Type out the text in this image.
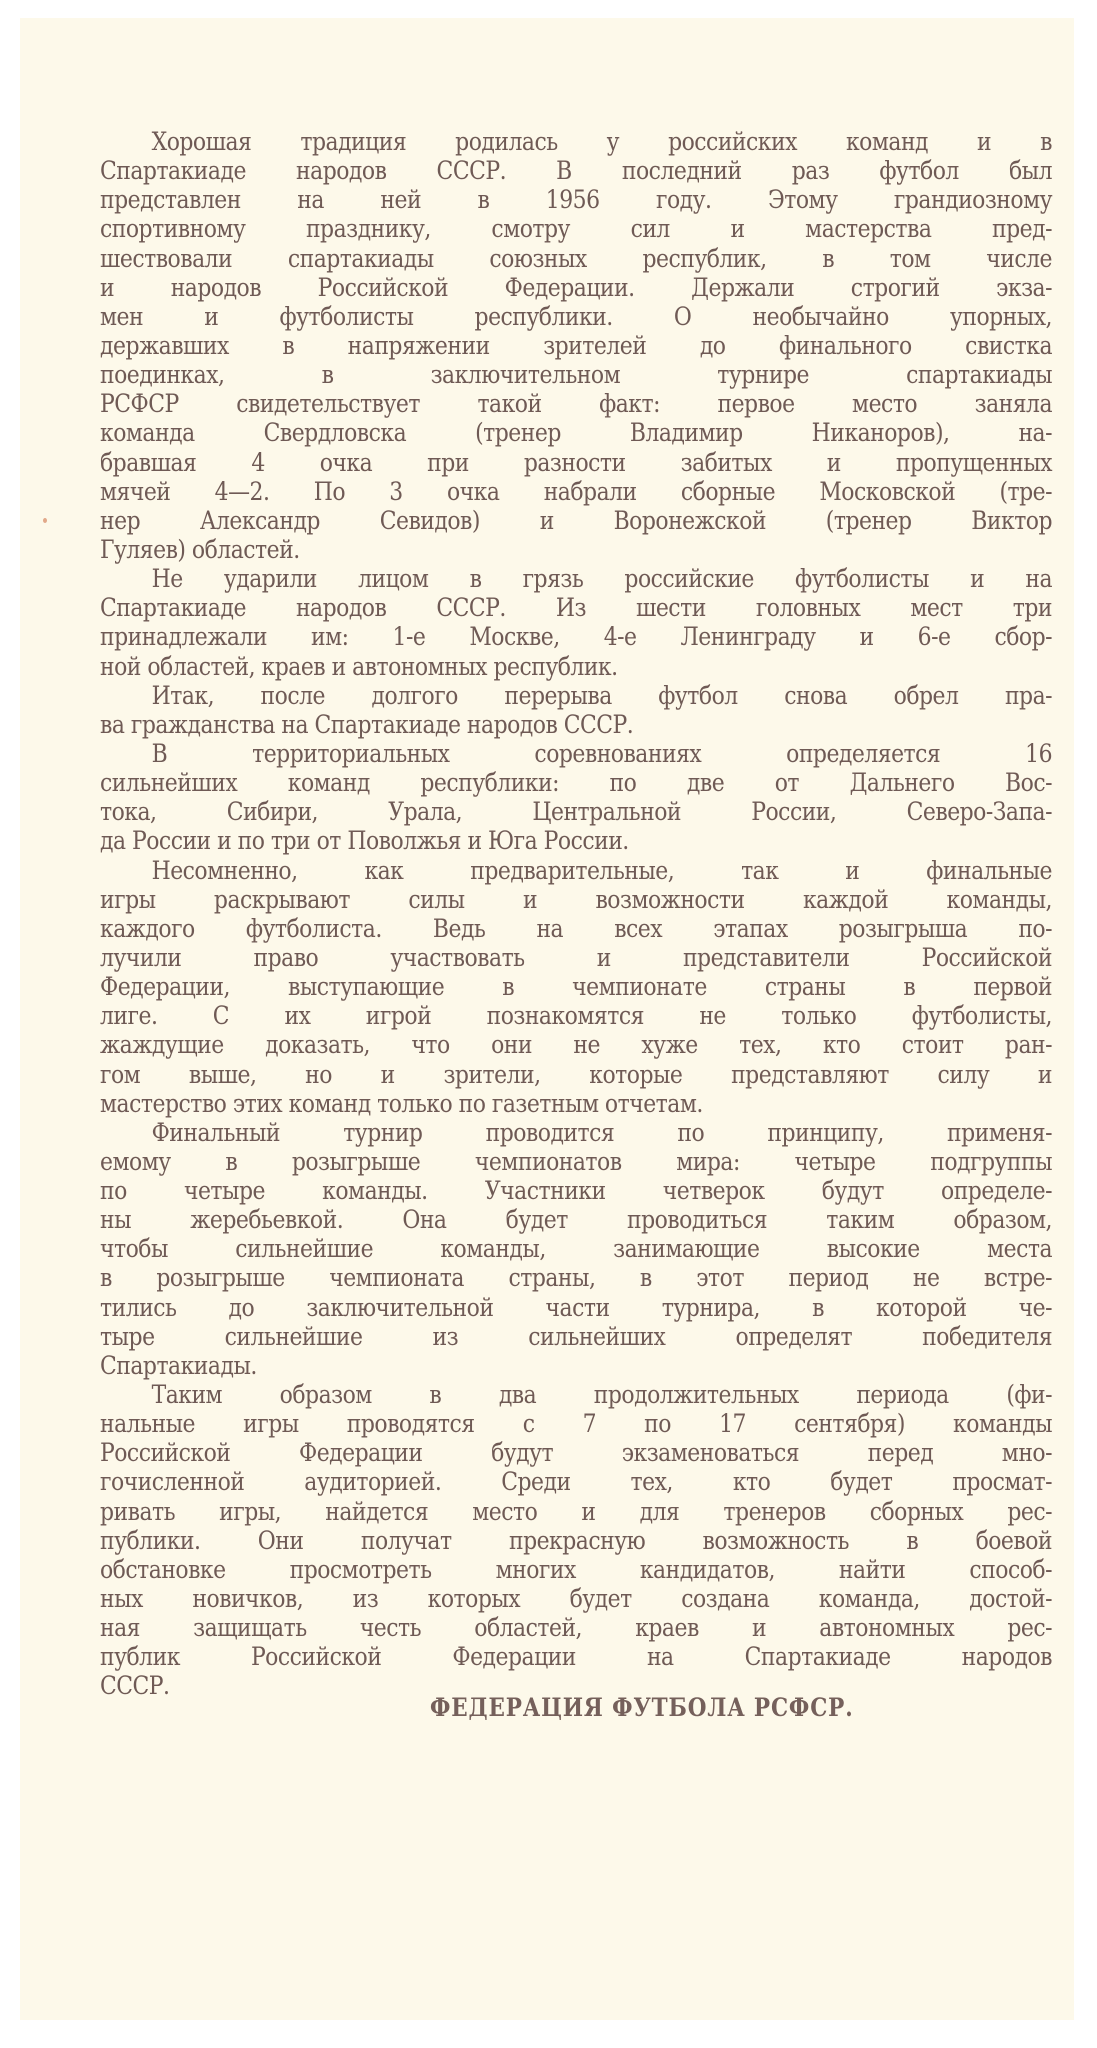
Хорошая традиция родилась у российских команд и в
Спартакиаде народов СССР. В последний раз футбол был
представлен на ней в 1956 году. Этому грандиозному
спортивному празднику, смотру сил и мастерства пред-
шествовали спартакиады союзных республик, в том числе
и народов Российской Федерации. Держали строгий экза-
мен и футболисты республики. О необычайно упорных,
державших в напряжении зрителей до финального свистка
поединках, в заключительном турнире спартакиады
РСФСР свидетельствует такой факт: первое место заняла
команда Свердловска (тренер Владимир Никаноров), на-
бравшая 4 очка при разности забитых и пропущенных
мячей 4—2. По 3 очка набрали сборные Московской (тре-
нер Александр Севидов) и Воронежской (тренер Виктор
Гуляев) областей.
Не ударили лицом в грязь российские футболисты и на
Спартакиаде народов СССР. Из шести головных мест три
принадлежали им: 1-е Москве, 4-е Ленинграду и 6-е сбор-
ной областей, краев и автономных республик.
Итак, после долгого перерыва футбол снова обрел пра-
ва гражданства на Спартакиаде народов СССР.
В территориальных соревнованиях определяется 16
сильнейших команд республики: по две от Дальнего Вос-
тока, Сибири, Урала, Центральной России, Северо-Запа-
да России и по три от Поволжья и Юга России.
Несомненно, как предварительные, так и финальные
игры раскрывают силы и возможности каждой команды,
каждого футболиста. Ведь на всех этапах розыгрыша по-
лучили право участвовать и представители Российской
Федерации, выступающие в чемпионате страны в первой
лиге. С их игрой познакомятся не только футболисты,
жаждущие доказать, что они не хуже тех, кто стоит ран-
гом выше, но и зрители, которые представляют силу и
мастерство этих команд только по газетным отчетам.
Финальный турнир проводится по принципу, применя-
емому в розыгрыше чемпионатов мира: четыре подгруппы
по четыре команды. Участники четверок будут определе-
ны жеребьевкой. Она будет проводиться таким образом,
чтобы сильнейшие команды, занимающие высокие места
в розыгрыше чемпионата страны, в этот период не встре-
тились до заключительной части турнира, в которой че-
тыре сильнейшие из сильнейших определят победителя
Спартакиады.
Таким образом в два продолжительных периода (фи-
нальные игры проводятся с 7 по 17 сентября) команды
Российской Федерации будут экзаменоваться перед мно-
гочисленной аудиторией. Среди тех, кто будет просмат-
ривать игры, найдется место и для тренеров сборных рес-
публики. Они получат прекрасную возможность в боевой
обстановке просмотреть многих кандидатов, найти способ-
ных новичков, из которых будет создана команда, достой-
ная защищать честь областей, краев и автономных рес-
публик Российской Федерации на Спартакиаде народов
СССР.
ФЕДЕРАЦИЯ ФУТБОЛА РСФСР.
